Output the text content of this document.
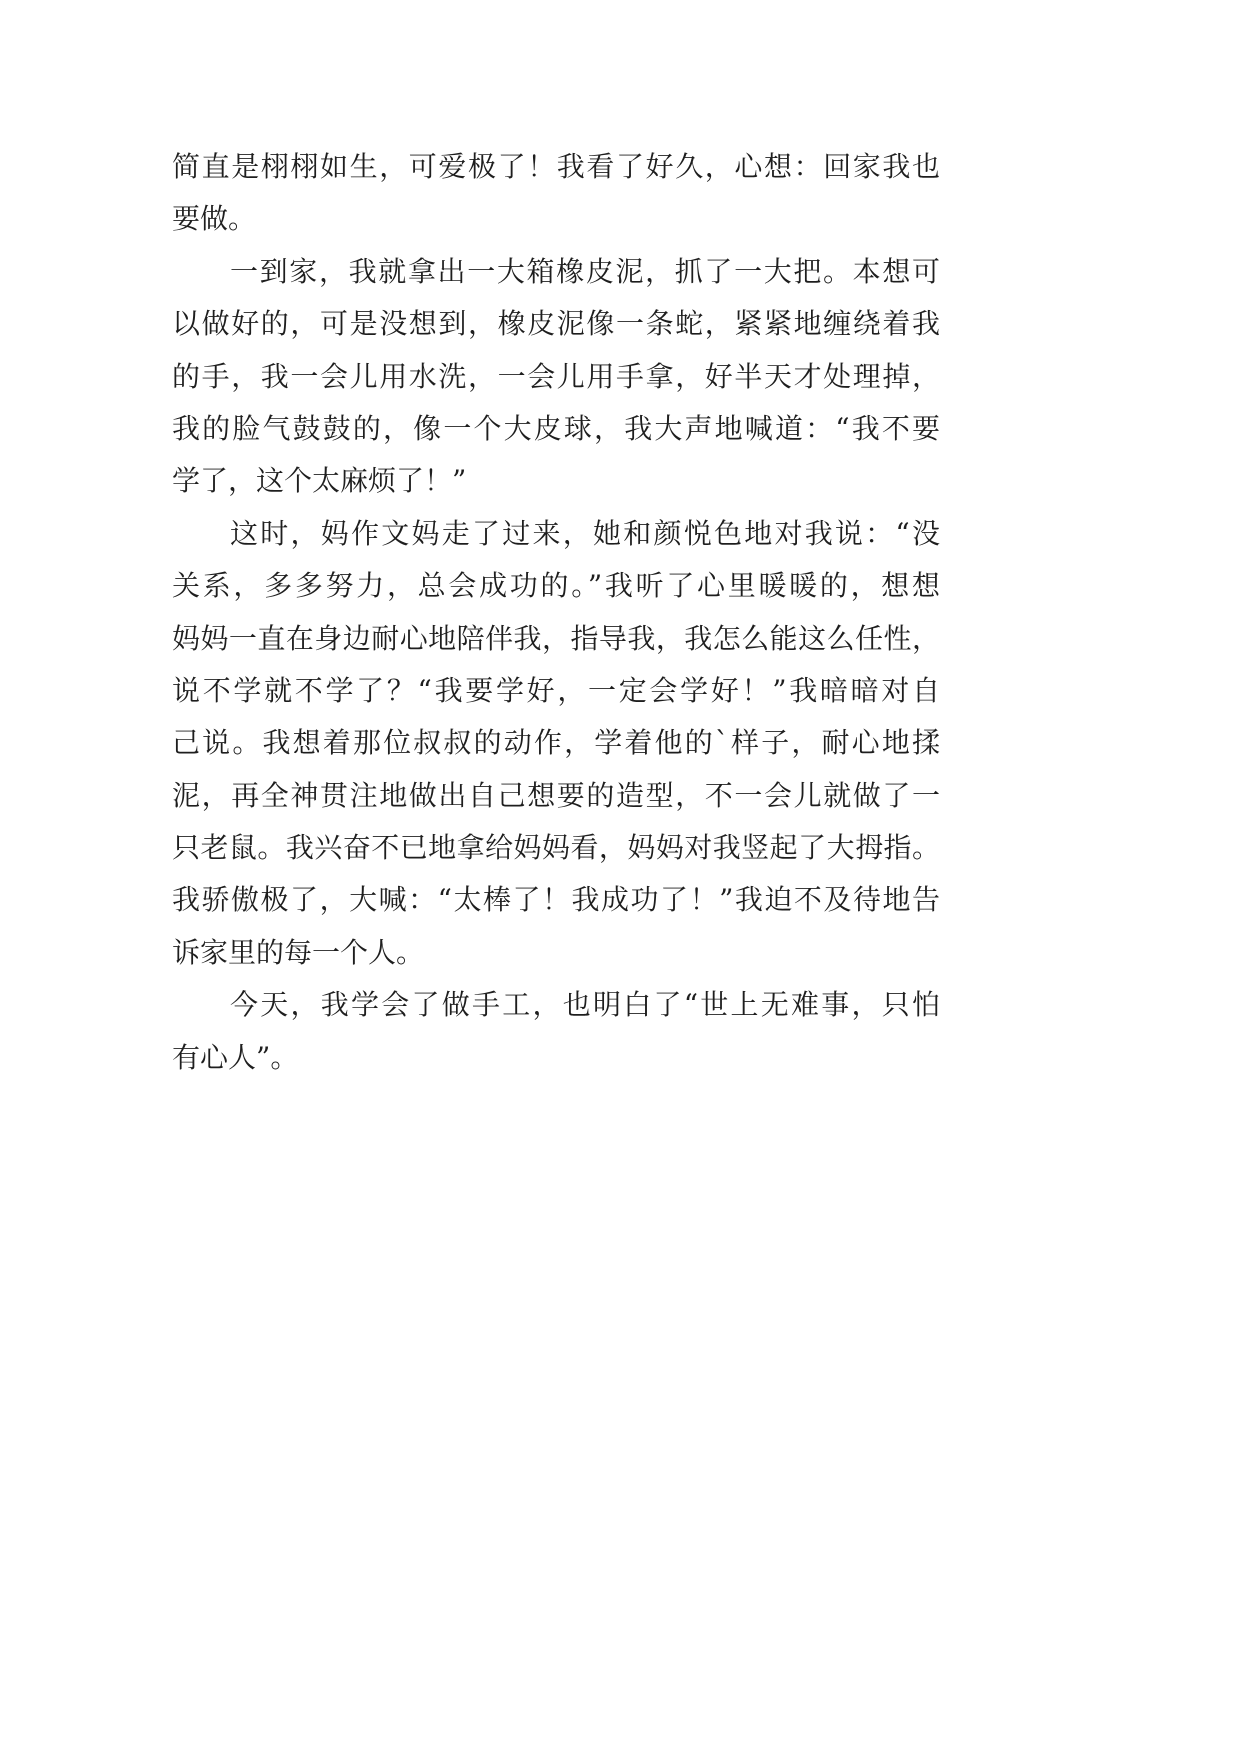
简直是栩栩如生，可爱极了！我看了好久，心想：回家我也
要做。
一到家，我就拿出一大箱橡皮泥，抓了一大把。本想可
以做好的，可是没想到，橡皮泥像一条蛇，紧紧地缠绕着我
的手，我一会儿用水洗，一会儿用手拿，好半天才处理掉，
我的脸气鼓鼓的，像一个大皮球，我大声地喊道：“我不要
学了，这个太麻烦了！”
这时，妈作文妈走了过来，她和颜悦色地对我说：“没
关系，多多努力，总会成功的。”我听了心里暖暖的，想想
妈妈一直在身边耐心地陪伴我，指导我，我怎么能这么任性，
说不学就不学了？“我要学好，一定会学好！”我暗暗对自
己说。我想着那位叔叔的动作，学着他的`样子，耐心地揉
泥，再全神贯注地做出自己想要的造型，不一会儿就做了一
只老鼠。我兴奋不已地拿给妈妈看，妈妈对我竖起了大拇指。
我骄傲极了，大喊：“太棒了！我成功了！”我迫不及待地告
诉家里的每一个人。
今天，我学会了做手工，也明白了“世上无难事，只怕
有心人”。
